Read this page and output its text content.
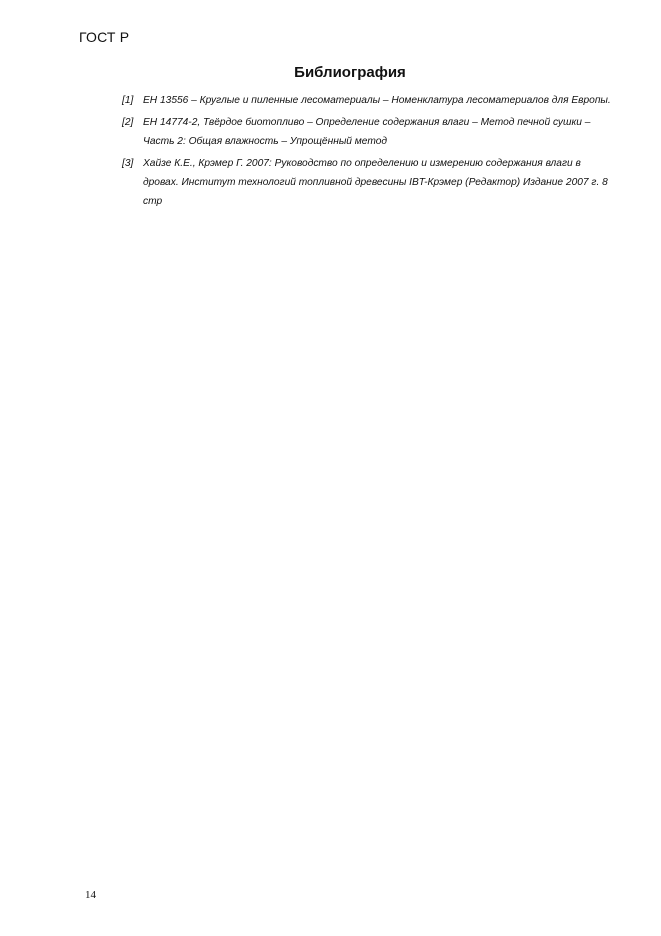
ГОСТ Р
Библиография
[1] ЕН 13556 – Круглые и пиленные лесоматериалы – Номенклатура лесоматериалов для Европы.
[2] ЕН 14774-2, Твёрдое биотопливо – Определение содержания влаги – Метод печной сушки – Часть 2: Общая влажность – Упрощённый метод
[3] Хайзе К.Е., Крэмер Г. 2007: Руководство по определению и измерению содержания влаги в дровах. Институт технологий топливной древесины IBT-Крэмер (Редактор) Издание 2007 г. 8 стр
14
